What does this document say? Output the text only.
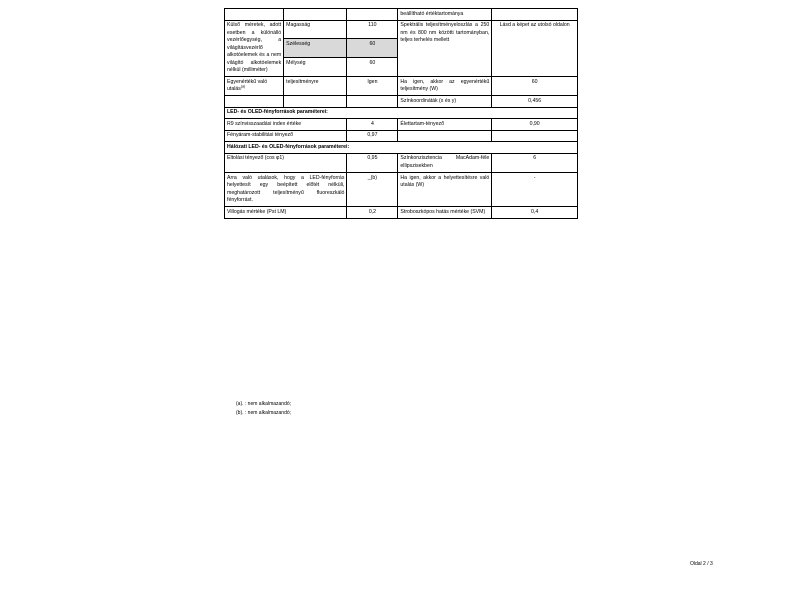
			beállítható értéktartománya	
Külső méretek, adott esetben a különálló vezérlőegység, a világításvezérlő alkotóelemek és a nem világító alkotóelemek nélkül (milliméter)	Magasság	110	Spektrális teljesítményeloszlás a 250 nm és 800 nm közötti tartományban, teljes terhelés mellett	Lásd a képet az utolsó oldalon
	Szélesség	60		
	Mélység	60		
Egyenértékű való utalás$^{(a)}$	teljesítményre	Igen	Ha igen, akkor az egyenértékű teljesítmény (W)	60
			Színkoordináták (x és y)	0,456
LED- és OLED-fényforrások paraméterei:				
R9 színvisszaadási index értéke		4	Élettartam-tényező	0,90
Fényáram-stabilitási tényező		0,97		
Hálózati LED- és OLED-fényforrások paraméterei:				
Eltolási tényező (cos φ1)		0,95	Színkonzisztencia MacAdam-féle ellipszisekben	6
Arra való utalások, hogy a LED-fényforrás helyettesít egy beépített előtét nélküli, meghatározott teljesítményű fluoreszkáló fényforrást.		_(b)	Ha igen, akkor a helyettesítésre való utalás (W)	-
Villogás mértéke (Pst LM)		0,2	Stroboszkópos hatás mértéke (SVM)	0,4
(a). : nem alkalmazandó;
(b). : nem alkalmazandó;
Oldal 2 / 3
